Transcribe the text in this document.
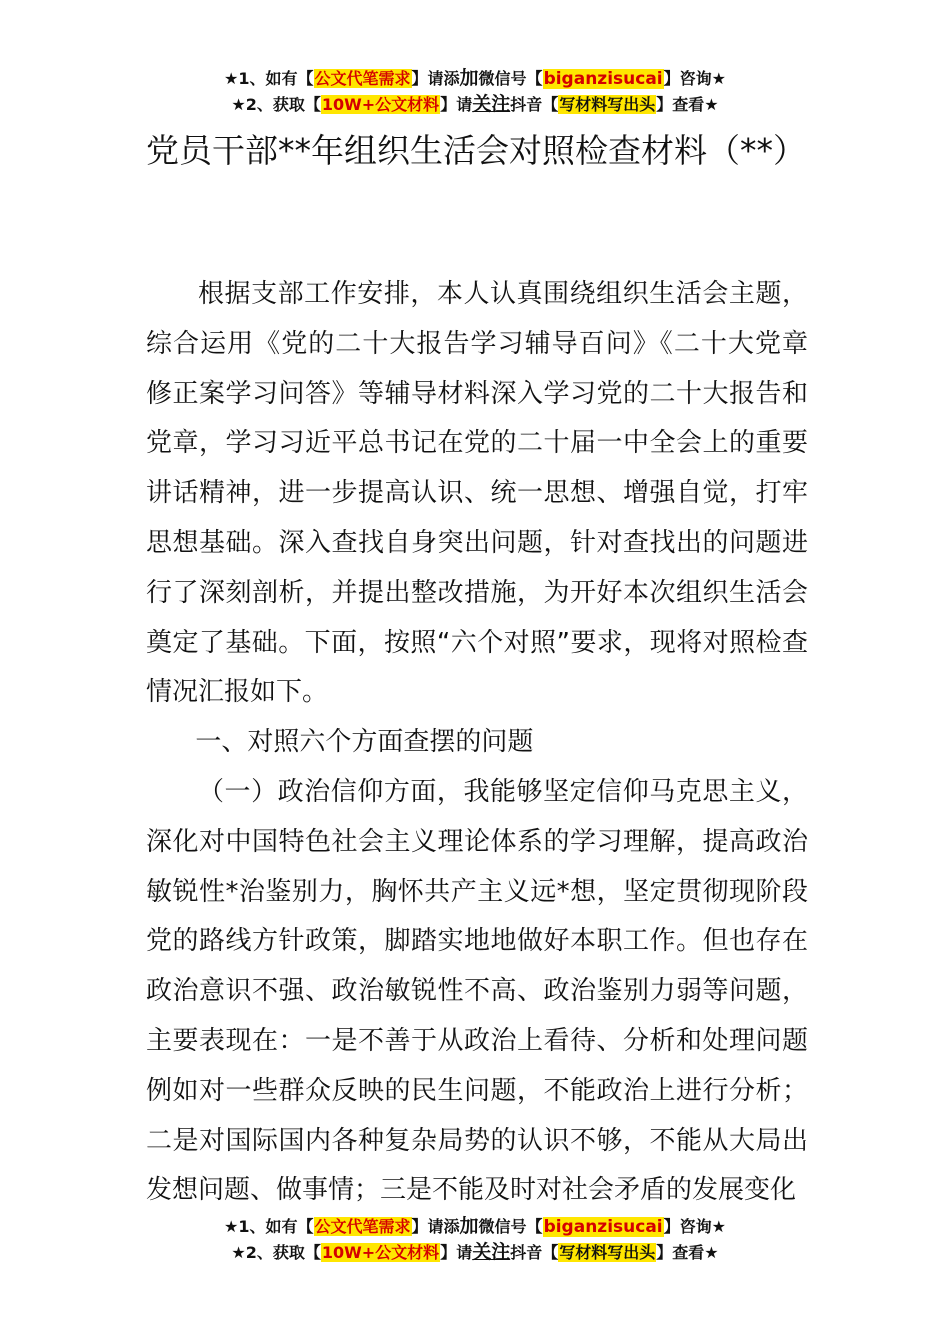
★1、如有【公文代笔需求】请添加微信号【biganzisucai】咨询★
★2、获取【10W+公文材料】请关注抖音【写材料写出头】查看★
党员干部**年组织生活会对照检查材料（**）

根据支部工作安排，本人认真围绕组织生活会主题，综合运用《党的二十大报告学习辅导百问》《二十大党章修正案学习问答》等辅导材料深入学习党的二十大报告和党章，学习习近平总书记在党的二十届一中全会上的重要讲话精神，进一步提高认识、统一思想、增强自觉，打牢思想基础。深入查找自身突出问题，针对查找出的问题进行了深刻剖析，并提出整改措施，为开好本次组织生活会奠定了基础。下面，按照“六个对照”要求，现将对照检查情况汇报如下。

一、对照六个方面查摆的问题

（一）政治信仰方面，我能够坚定信仰马克思主义，深化对中国特色社会主义理论体系的学习理解，提高政治敏锐性*治鉴别力，胸怀共产主义远*想，坚定贯彻现阶段党的路线方针政策，脚踏实地地做好本职工作。但也存在政治意识不强、政治敏锐性不高、政治鉴别力弱等问题，主要表现在：一是不善于从政治上看待、分析和处理问题例如对一些群众反映的民生问题，不能政治上进行分析；二是对国际国内各种复杂局势的认识不够，不能从大局出发想问题、做事情；三是不能及时对社会矛盾的发展变化

★1、如有【公文代笔需求】请添加微信号【biganzisucai】咨询★
★2、获取【10W+公文材料】请关注抖音【写材料写出头】查看★
